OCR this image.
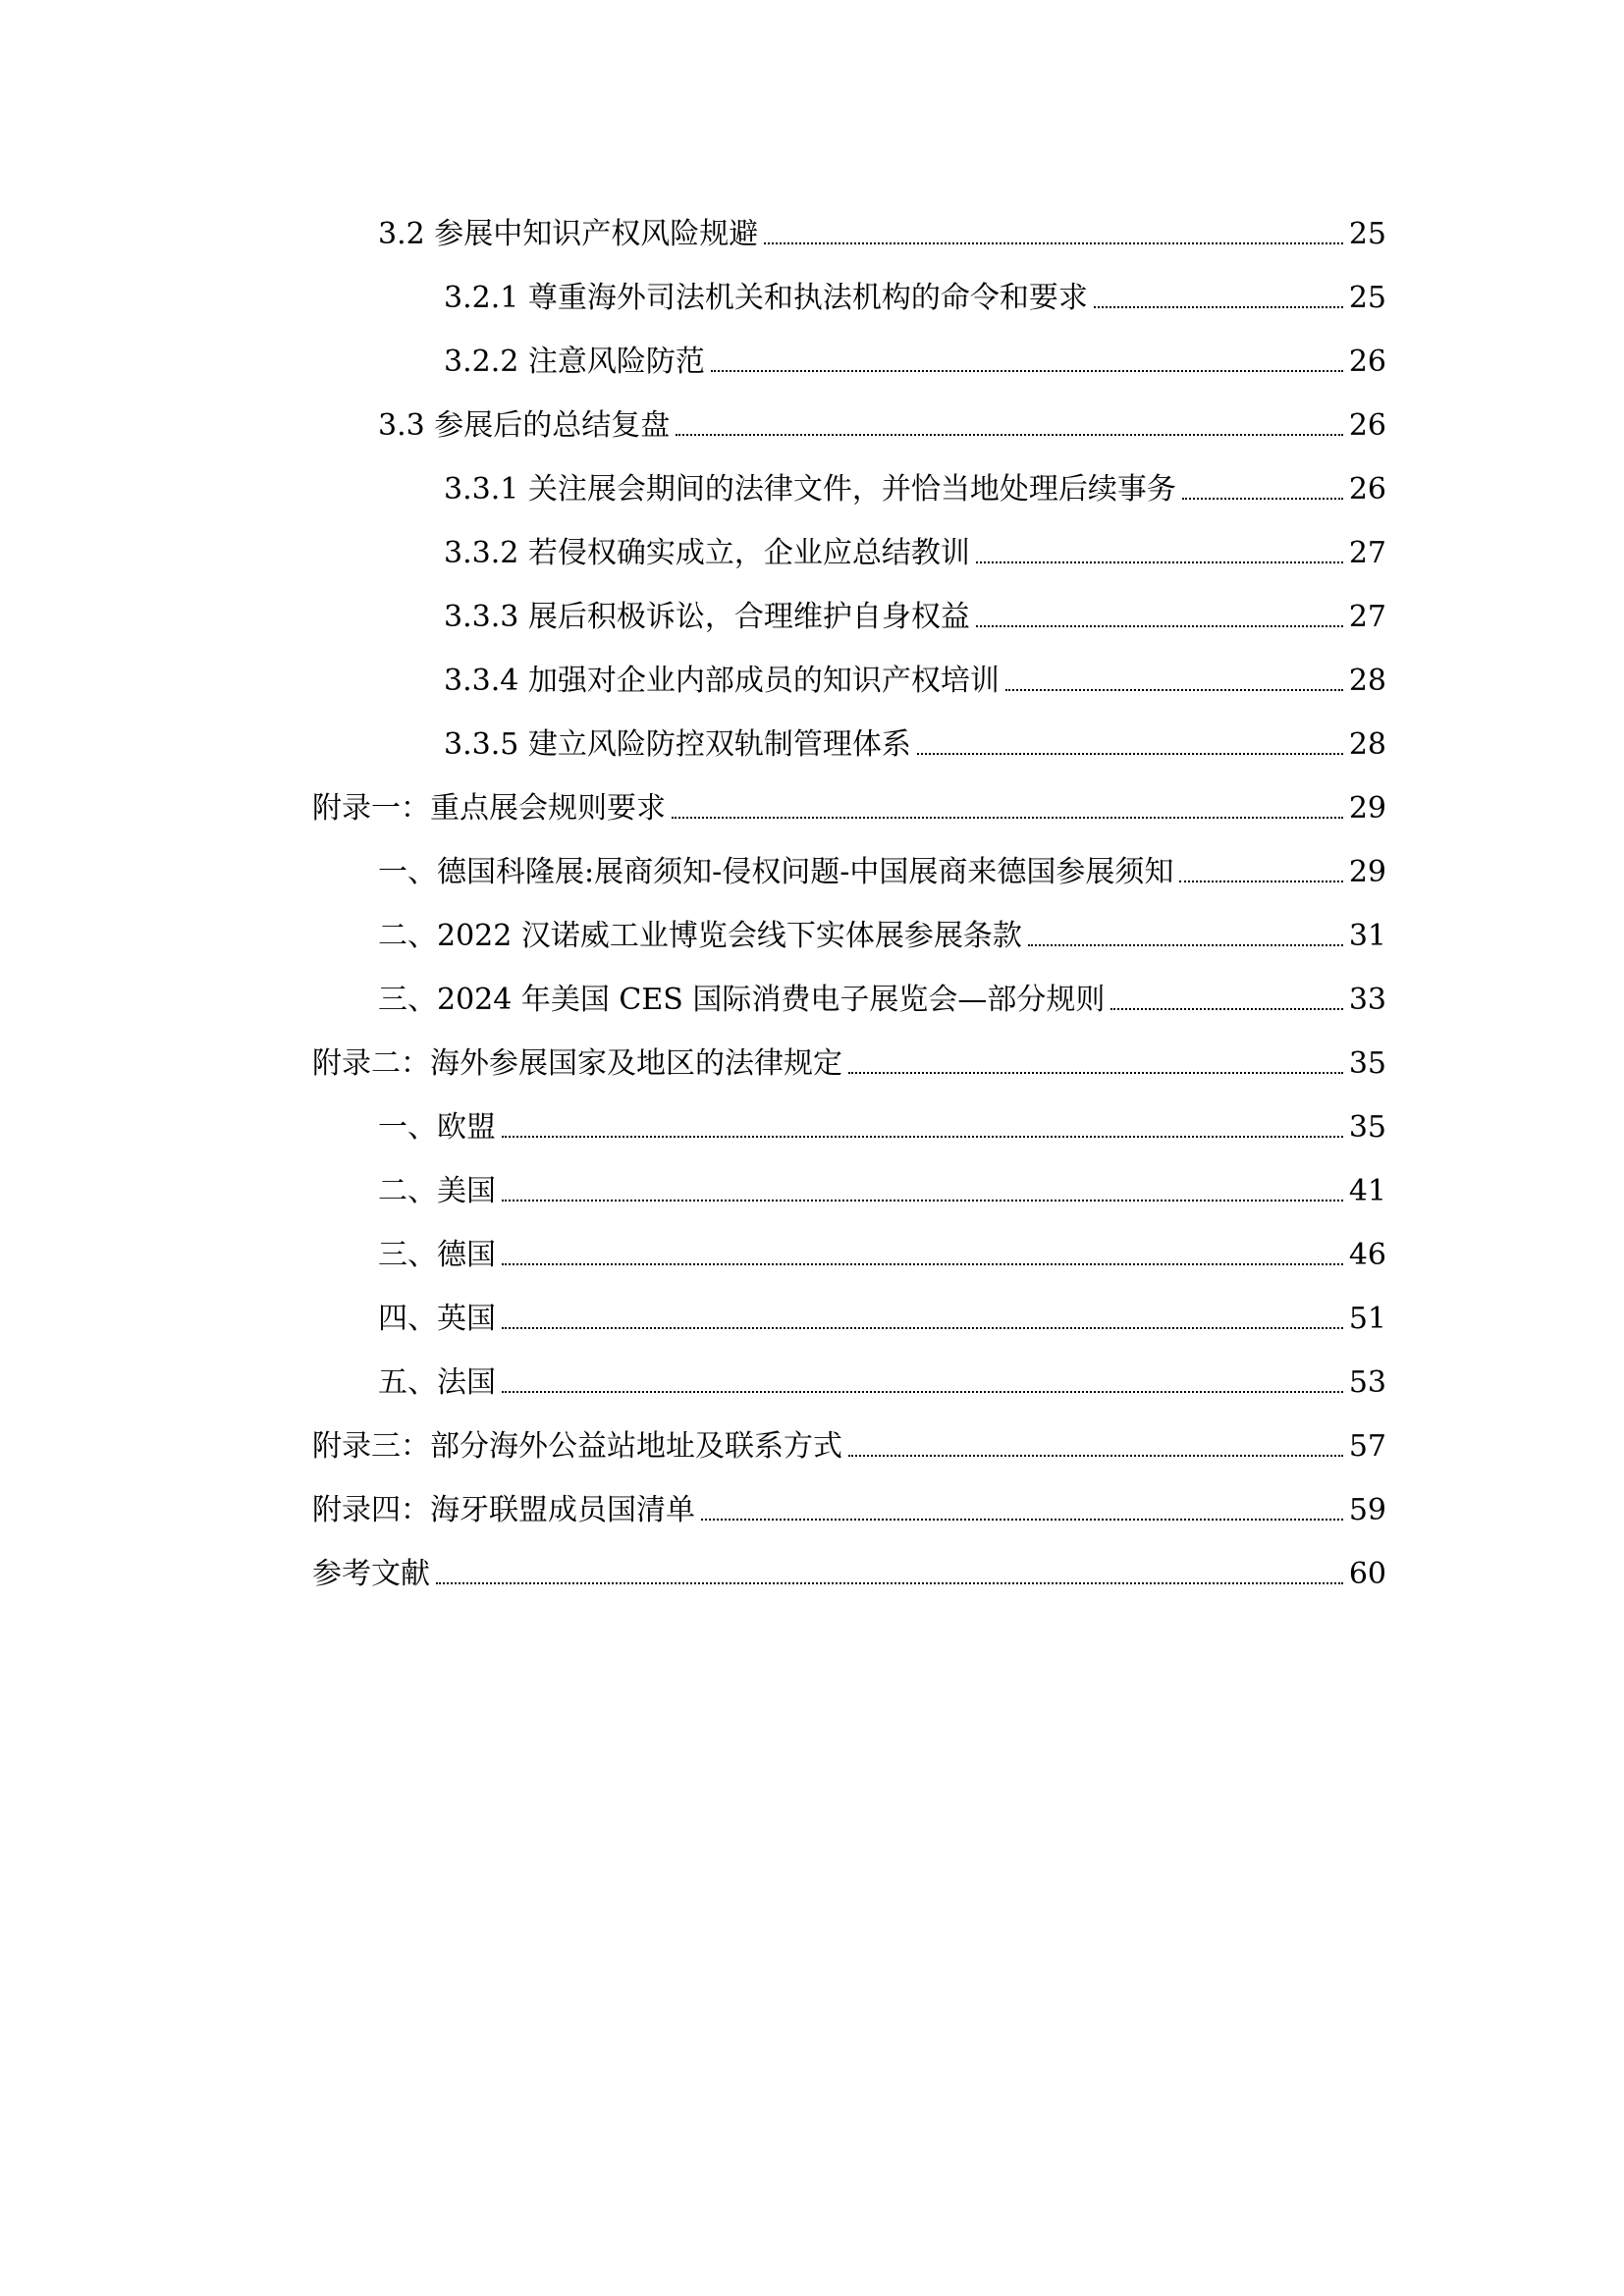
3.2 参展中知识产权风险规避	25
3.2.1 尊重海外司法机关和执法机构的命令和要求	25
3.2.2 注意风险防范	26
3.3 参展后的总结复盘	26
3.3.1 关注展会期间的法律文件，并恰当地处理后续事务	26
3.3.2 若侵权确实成立，企业应总结教训	27
3.3.3 展后积极诉讼，合理维护自身权益	27
3.3.4 加强对企业内部成员的知识产权培训	28
3.3.5 建立风险防控双轨制管理体系	28
附录一：重点展会规则要求	29
一、德国科隆展:展商须知-侵权问题-中国展商来德国参展须知	29
二、2022 汉诺威工业博览会线下实体展参展条款	31
三、2024 年美国 CES 国际消费电子展览会—部分规则	33
附录二：海外参展国家及地区的法律规定	35
一、欧盟	35
二、美国	41
三、德国	46
四、英国	51
五、法国	53
附录三：部分海外公益站地址及联系方式	57
附录四：海牙联盟成员国清单	59
参考文献	60
